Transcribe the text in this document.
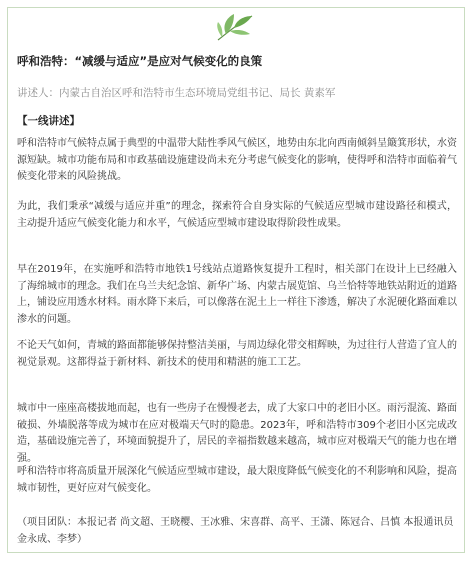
呼和浩特：“减缓与适应”是应对气候变化的良策
讲述人：内蒙古自治区呼和浩特市生态环境局党组书记、局长 黄素军
【一线讲述】

呼和浩特市气候特点属于典型的中温带大陆性季风气候区，地势由东北向西南倾斜呈簸箕形状，水资源短缺。城市功能布局和市政基础设施建设尚未充分考虑气候变化的影响，使得呼和浩特市面临着气候变化带来的风险挑战。

为此，我们秉承“减缓与适应并重”的理念，探索符合自身实际的气候适应型城市建设路径和模式，主动提升适应气候变化能力和水平，气候适应型城市建设取得阶段性成果。

早在2019年，在实施呼和浩特市地铁1号线站点道路恢复提升工程时，相关部门在设计上已经融入了海绵城市的理念。我们在乌兰夫纪念馆、新华广场、内蒙古展览馆、乌兰恰特等地铁站附近的道路上，铺设应用透水材料。雨水降下来后，可以像落在泥土上一样往下渗透，解决了水泥硬化路面难以渗水的问题。

不论天气如何，青城的路面都能够保持整洁美丽，与周边绿化带交相辉映，为过往行人营造了宜人的视觉景观。这都得益于新材料、新技术的使用和精湛的施工工艺。

城市中一座座高楼拔地而起，也有一些房子在慢慢老去，成了大家口中的老旧小区。雨污混流、路面破损、外墙脱落等成为城市在应对极端天气时的隐患。2023年，呼和浩特市309个老旧小区完成改造，基础设施完善了，环境面貌提升了，居民的幸福指数越来越高，城市应对极端天气的能力也在增强。

呼和浩特市将高质量开展深化气候适应型城市建设，最大限度降低气候变化的不利影响和风险，提高城市韧性，更好应对气候变化。

（项目团队：本报记者 尚文超、王晓樱、王冰雅、宋喜群、高平、王潇、陈冠合、吕慎 本报通讯员 金永成、李梦）
